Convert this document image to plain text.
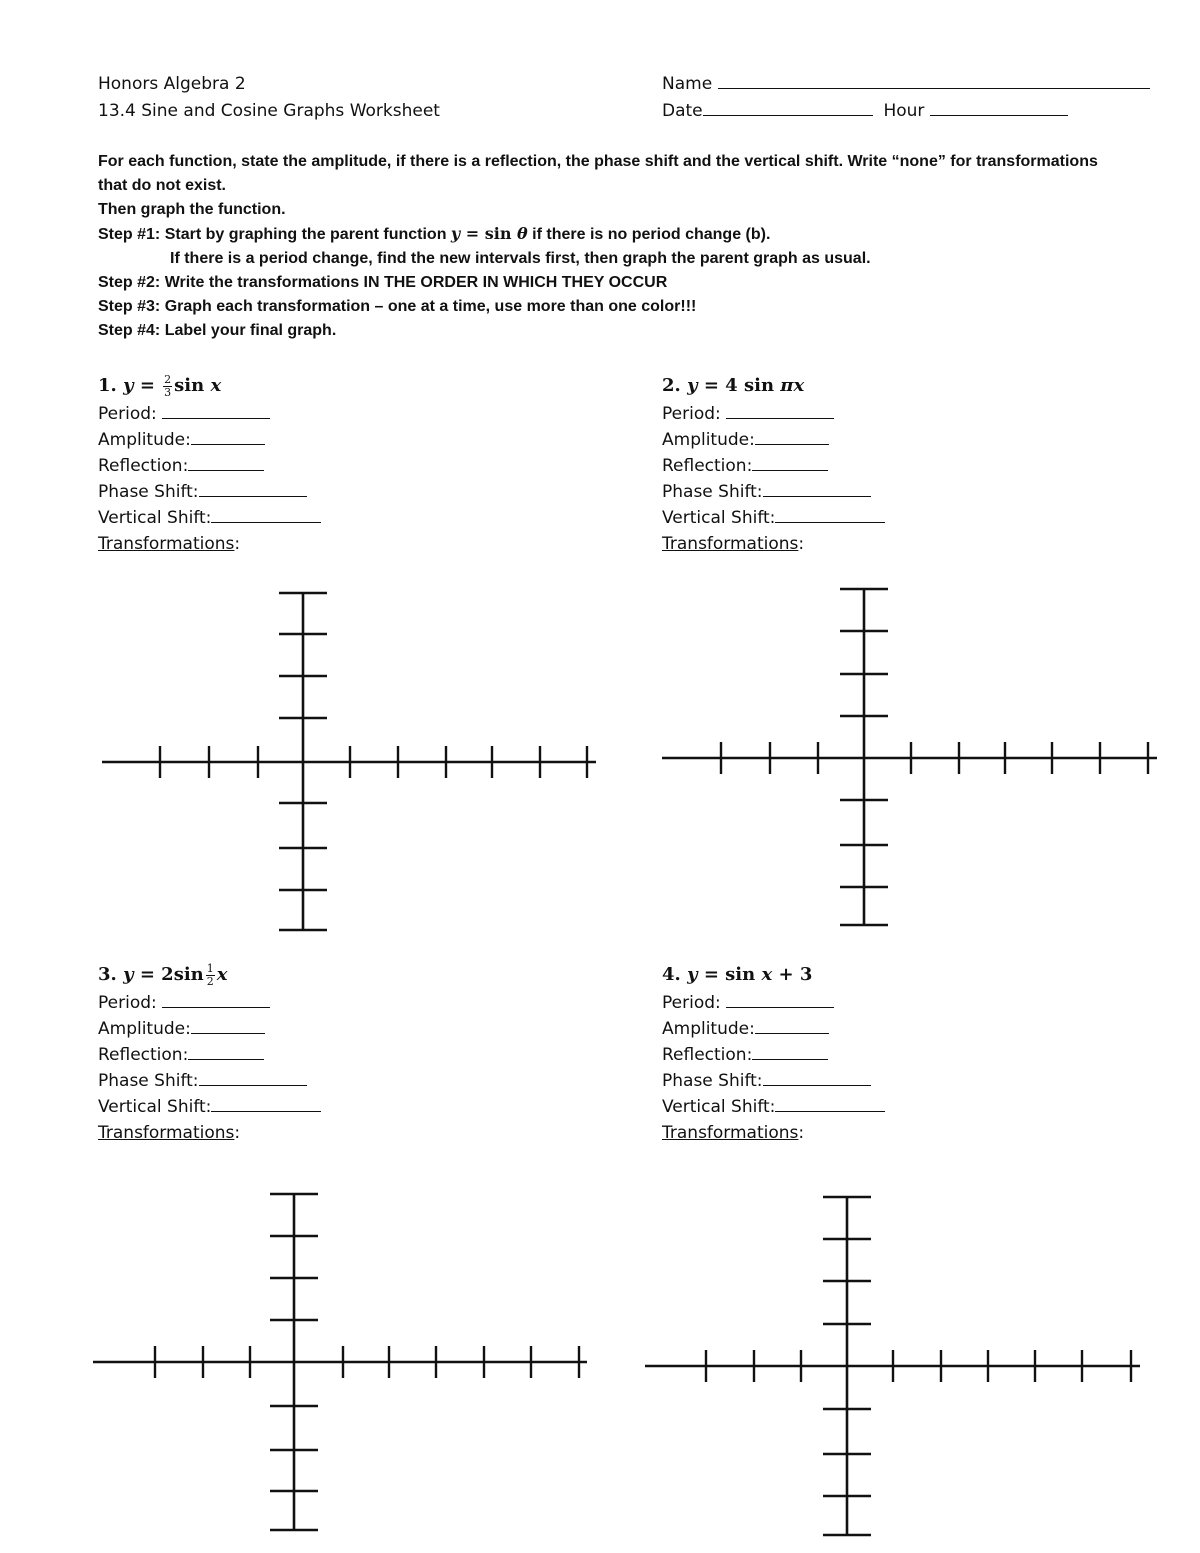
Honors Algebra 2
13.4 Sine and Cosine Graphs Worksheet
Name
Date	Hour

For each function, state the amplitude, if there is a reflection, the phase shift and the vertical shift. Write “none” for transformations that do not exist.

Then graph the function.

Step #1: Start by graphing the parent function y = sin θ if there is no period change (b).

If there is a period change, find the new intervals first, then graph the parent graph as usual.

Step #2: Write the transformations IN THE ORDER IN WHICH THEY OCCUR

Step #3: Graph each transformation – one at a time, use more than one color!!!

Step #4: Label your final graph.

1. $y = \frac{2}{3}$ sin x
Period:
Amplitude:
Reflection:
Phase Shift:
Vertical Shift:
Transformations:
2. y = 4 sin πx
Period:
Amplitude:
Reflection:
Phase Shift:
Vertical Shift:
Transformations:
3. $y = 2\sin \frac{1}{2}$ x
Period:
Amplitude:
Reflection:
Phase Shift:
Vertical Shift:
Transformations:
4. y = sin x + 3
Period:
Amplitude:
Reflection:
Phase Shift:
Vertical Shift:
Transformations:
